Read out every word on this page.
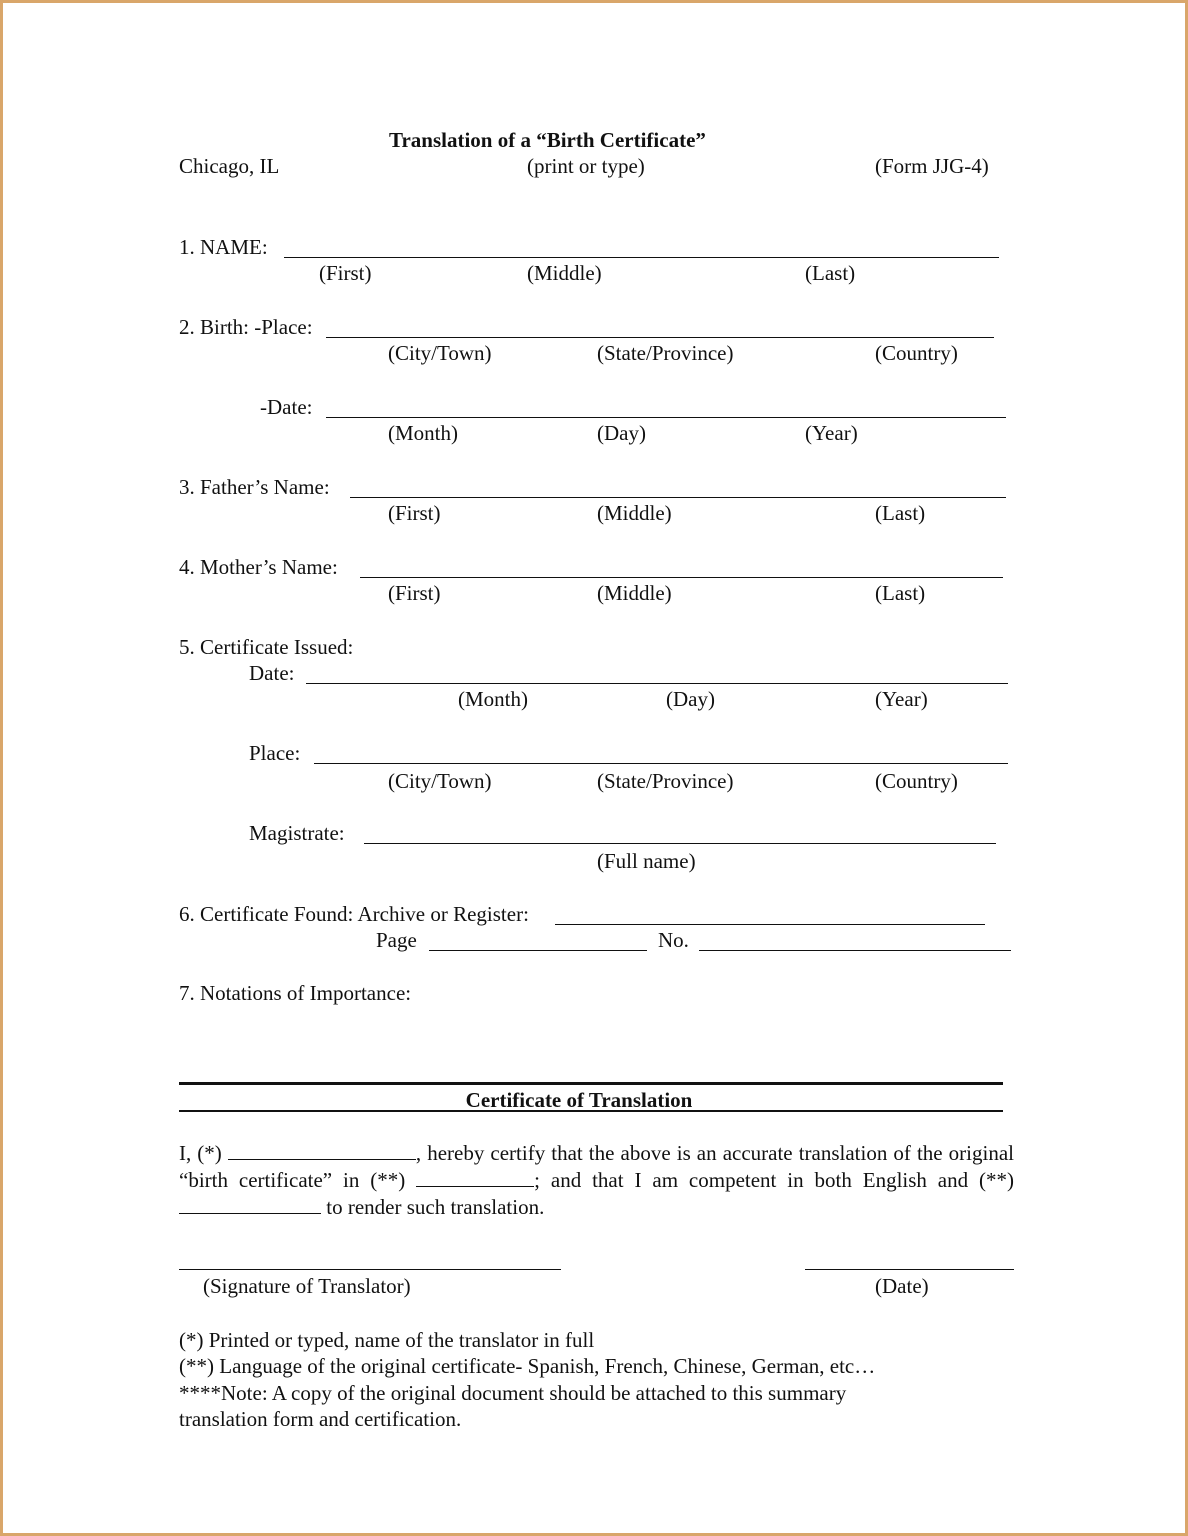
Translation of a “Birth Certificate”
Chicago, IL	(print or type)	(Form JJG-4)
1. NAME:
(First)	(Middle)	(Last)
2. Birth: -Place:
(City/Town)	(State/Province)	(Country)
-Date:
(Month)	(Day)	(Year)
3. Father’s Name:
(First)	(Middle)	(Last)
4. Mother’s Name:
(First)	(Middle)	(Last)
5. Certificate Issued:
Date:
(Month)	(Day)	(Year)
Place:
(City/Town)	(State/Province)	(Country)
Magistrate:
(Full name)
6. Certificate Found: Archive or Register:
Page	No.
7. Notations of Importance:
Certificate of Translation
I, (*)	, hereby certify that the above is an accurate translation of the original “birth certificate” in (**)	; and that I am competent in both English and (**)  to render such translation.
(Signature of Translator)	(Date)
(*) Printed or typed, name of the translator in full
(**) Language of the original certificate- Spanish, French, Chinese, German, etc…
****Note: A copy of the original document should be attached to this summary
translation form and certification.
